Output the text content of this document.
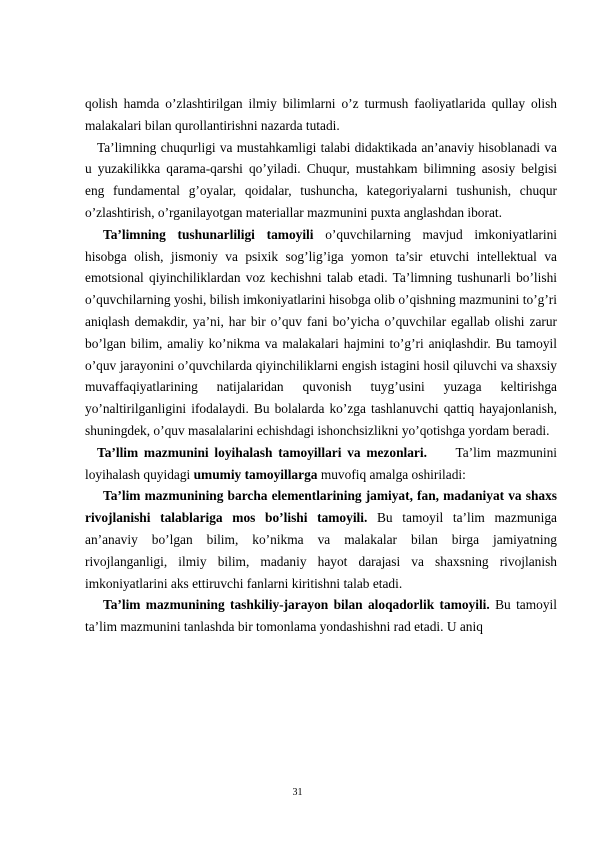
qolish hamda o’zlashtirilgan ilmiy bilimlarni o’z turmush faoliyatlarida qullay olish malakalari bilan qurollantirishni nazarda tutadi.

Ta’limning chuqurligi va mustahkamligi talabi didaktikada an’anaviy hisoblanadi va u yuzakilikka qarama-qarshi qo’yiladi. Chuqur, mustahkam bilimning asosiy belgisi eng fundamental g’oyalar, qoidalar, tushuncha, kategoriyalarni tushunish, chuqur o’zlashtirish, o’rganilayotgan materiallar mazmunini puxta anglashdan iborat.

Ta’limning tushunarliligi tamoyili o’quvchilarning mavjud imkoniyatlarini hisobga olish, jismoniy va psixik sog’lig’iga yomon ta’sir etuvchi intellektual va emotsional qiyinchiliklardan voz kechishni talab etadi. Ta’limning tushunarli bo’lishi o’quvchilarning yoshi, bilish imkoniyatlarini hisobga olib o’qishning mazmunini to’g’ri aniqlash demakdir, ya’ni, har bir o’quv fani bo’yicha o’quvchilar egallab olishi zarur bo’lgan bilim, amaliy ko’nikma va malakalari hajmini to’g’ri aniqlashdir. Bu tamoyil o’quv jarayonini o’quvchilarda qiyinchiliklarni engish istagini hosil qiluvchi va shaxsiy muvaffaqiyatlarining natijalaridan quvonish tuyg’usini yuzaga keltirishga yo’naltirilganligini ifodalaydi. Bu bolalarda ko’zga tashlanuvchi qattiq hayajonlanish, shuningdek, o’quv masalalarini echishdagi ishonchsizlikni yo’qotishga yordam beradi.

Ta’llim mazmunini loyihalash tamoyillari va mezonlari.     Ta’lim mazmunini loyihalash quyidagi umumiy tamoyillarga muvofiq amalga oshiriladi:

Ta’lim mazmunining barcha elementlarining jamiyat, fan, madaniyat va shaxs rivojlanishi talablariga mos bo’lishi tamoyili. Bu tamoyil ta’lim mazmuniga an’anaviy bo’lgan bilim, ko’nikma va malakalar bilan birga jamiyatning rivojlanganligi, ilmiy bilim, madaniy hayot darajasi va shaxsning rivojlanish imkoniyatlarini aks ettiruvchi fanlarni kiritishni talab etadi.

Ta’lim mazmunining tashkiliy-jarayon bilan aloqadorlik tamoyili. Bu tamoyil ta’lim mazmunini tanlashda bir tomonlama yondashishni rad etadi. U aniq

31
